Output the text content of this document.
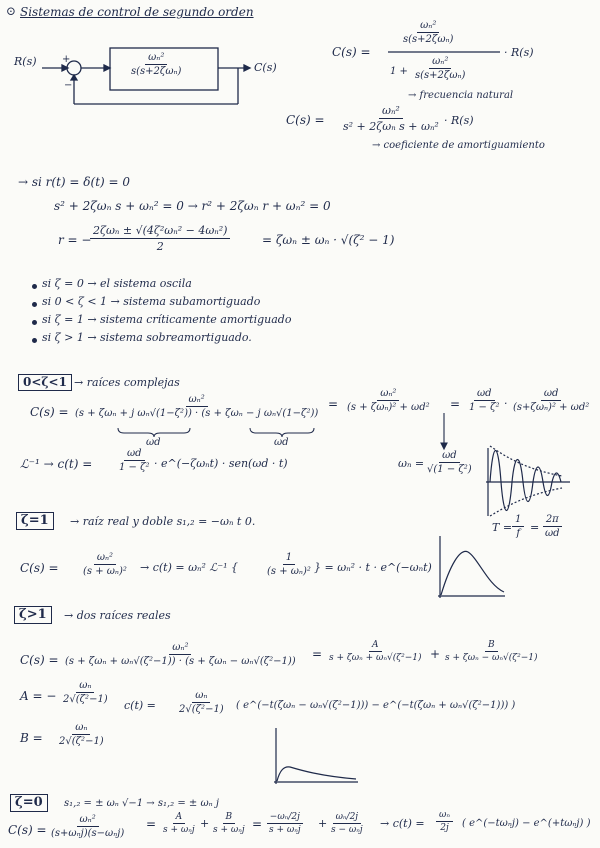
⊙ Sistemas de control de segundo orden
R(s)	+
−
ωₙ²
s(s+2ζωₙ)	C(s)
C(s) =
ωₙ²
s(s+2ζωₙ)
1 +
ωₙ²
s(s+2ζωₙ)
· R(s)
→ frecuencia natural
C(s) =
ωₙ²
s² + 2ζωₙ s + ωₙ² · R(s)
→ coeficiente de amortiguamiento
→ si r(t) = δ(t) = 0
s² + 2ζωₙ s + ωₙ² = 0 → r² + 2ζωₙ r + ωₙ² = 0
r = −
2ζωₙ ± √(4ζ²ωₙ² − 4ωₙ²)
2	= ζωₙ ± ωₙ · √(ζ² − 1)
si ζ = 0 → el sistema oscila
si 0 < ζ < 1 → sistema subamortiguado
si ζ = 1 → sistema críticamente amortiguado
si ζ > 1 → sistema sobreamortiguado.
0<ζ<1 → raíces complejas
C(s) =
ωₙ²
(s + ζωₙ + j ωₙ√(1−ζ²)) · (s + ζωₙ − j ωₙ√(1−ζ²))
ωd	ωd
=
ωₙ²
$(s + \zeta\omega_n)^2 + \omega d^2 = \frac{\omega d}{\text{1 − ζ²}}$ ·
ωd
(s+ζωₙ)² + ωd²
ℒ⁻¹ → $c(t) = \frac{\omega d}{\text{1 − ζ²}}$ · e^(−ζωₙt) · sen(ωd · t)	$\omega_n = \frac{\omega d}{\text{√(1 − ζ²)}}$
$T = \frac{1}{f} = \frac{2\pi}{\omega d}$
ζ=1	→ raíz real y doble s₁,₂ = −ωₙ t 0.
$C(s) = \frac{\text{ωₙ²}}{\text{(s + ωₙ)²}} \to c(t) = \omega_n^2$ ℒ⁻¹ {	$\frac{1}{\text{(s + ωₙ)²}}$ } = ωₙ² · t · e^(−ωₙt)
ζ>1	→ dos raíces reales
C(s) =
ωₙ²
(s + ζωₙ + ωₙ√(ζ²−1)) · (s + ζωₙ − ωₙ√(ζ²−1))
=
A
s + ζωₙ + ωₙ√(ζ²−1) +
B
s + ζωₙ − ωₙ√(ζ²−1)
A = − $\frac{\text{ωₙ}}{\text{2√(ζ²−1)}}$
$c(t) = \frac{\text{ωₙ}}{\text{2√(ζ²−1)}}$ ( e^(−t(ζωₙ − ωₙ√(ζ²−1))) − e^(−t(ζωₙ + ωₙ√(ζ²−1))) )
$B = \frac{\text{ωₙ}}{\text{2√(ζ²−1)}}$
ζ=0	s₁,₂ = ± ωₙ √−1 → s₁,₂ = ± ωₙ j
C(s) =
ωₙ²
(s+ωₙj)(s−ωₙj)
=	A
s + ωₙj +	B
s + ωₙj = −ωₙ/2j
s + ωₙj + ωₙ/2j
$s - \omega_nj \to c(t) = \frac{\text{ωₙ}}{2j}$ ( e^(−tωₙj) − e^(+tωₙj) )
